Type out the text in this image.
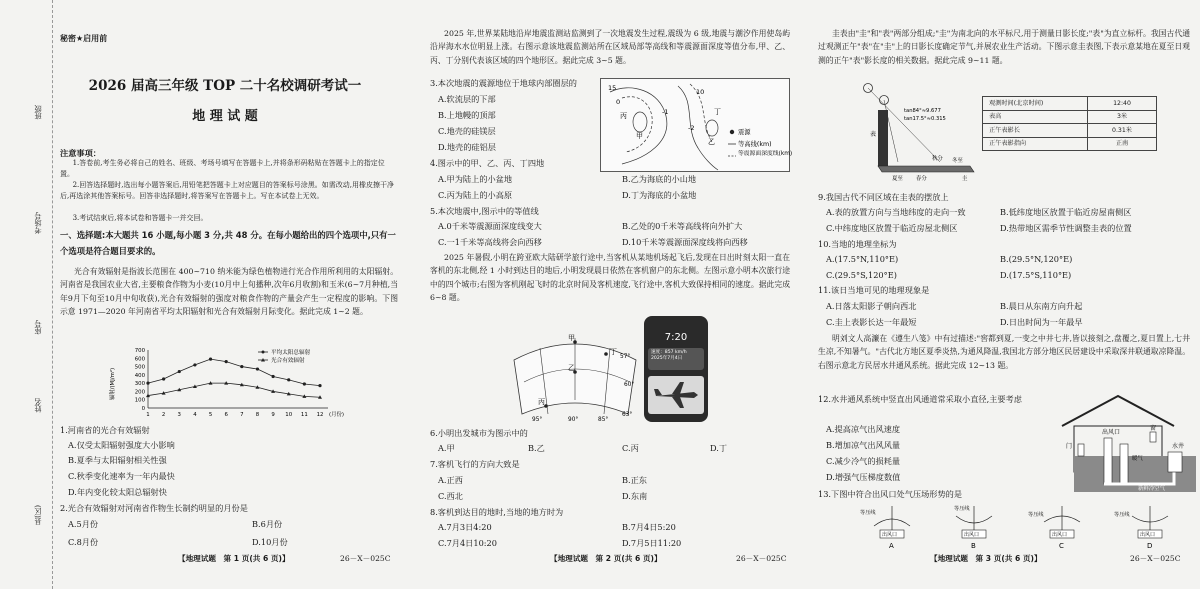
班级
考场号
座号
姓名
县(区)
秘密★启用前
2026 届高三年级 TOP 二十名校调研考试一
地 理 试 题
注意事项：
1.答卷前,考生务必将自己的姓名、班级、考场号填写在答题卡上,并将条形码粘贴在答题卡上的指定位置。
2.回答选择题时,选出每小题答案后,用铅笔把答题卡上对应题目的答案标号涂黑。如需改动,用橡皮擦干净后,再选涂其他答案标号。回答非选择题时,将答案写在答题卡上。写在本试卷上无效。
3.考试结束后,将本试卷和答题卡一并交回。
一、选择题:本大题共 16 小题,每小题 3 分,共 48 分。在每小题给出的四个选项中,只有一个选项是符合题目要求的。
光合有效辐射是指波长范围在 400~710 纳米能为绿色植物进行光合作用所利用的太阳辐射。河南省是我国农业大省,主要粮食作物为小麦(10月中上旬播种,次年6月收割)和玉米(6~7月种植,当年9月下旬至10月中旬收获),光合有效辐射的强度对粮食作物的产量会产生一定程度的影响。下图示意 1971—2020 年河南省平均太阳辐射和光合有效辐射月际变化。据此完成 1~2 题。
0
100
200
300
400
500
600
700
1 2 3 4 5 6 7 8 9 10 11 12 (月份)
辐射/(MJ/m²)
平均太阳总辐射
光合有效辐射
1.河南省的光合有效辐射
A.仅受太阳辐射强度大小影响
B.夏季与太阳辐射相关性强
C.秋季变化速率为一年内最快
D.年内变化较太阳总辐射快
2.光合有效辐射对河南省作物生长制约明显的月份是
A.5月份	B.6月份
C.8月份	D.10月份
【地理试题　第 1 页(共 6 页)】	26－X－025C
2025 年,世界某陆地沿岸地震监测站监测到了一次地震发生过程,震级为 6 级,地震与潮汐作用使岛屿沿岸海水水位明显上涨。右图示意该地震监测站所在区域局部等高线和等震源面深度等值分布,甲、乙、丙、丁分别代表该区域的四个地形区。据此完成 3~5 题。
3.本次地震的震源地位于地球内部圈层的
A.软流层的下部
B.上地幔的顶部
C.地壳的硅镁层
D.地壳的硅铝层
15
0
-1
-2
10
甲
乙
丙	丁
震源
等高线(km)
等震源面深度线(km)
4.图示中的甲、乙、丙、丁四地
A.甲为陆上的小盆地	B.乙为海底的小山地
C.丙为陆上的小高原	D.丁为海底的小盆地
5.本次地震中,图示中的等值线
A.0千米等震源面深度线变大	B.乙处的0千米等高线将向外扩大
C.一1千米等高线将会向西移	D.10千米等震源面深度线将向西移
2025 年暑假,小明在跨亚欧大陆研学旅行途中,当客机从某地机场起飞后,发现在日出时刻太阳一直在客机的东北侧,经 1 小时到达目的地后,小明发现晨日依然在客机窗户的东北侧。左图示意小明本次旅行途中的四个城市;右图为客机刚起飞时的北京时间及客机速度,飞行途中,客机大致保持相同的速度。据此完成 6~8 题。
甲
乙
丙
丁
57°
60°
63°
95°	90°	85°
7:20
速度：857 km/h
2025年7月4日
6.小明出发城市为图示中的
A.甲	B.乙	C.丙	D.丁
7.客机飞行的方向大致是
A.正西	B.正东
C.西北	D.东南
8.客机到达目的地时,当地的地方时为
A.7月3日4:20	B.7月4日5:20
C.7月4日10:20	D.7月5日11:20
【地理试题　第 2 页(共 6 页)】	26－X－025C
圭表由"圭"和"表"两部分组成;"圭"为南北向的水平标尺,用于测量日影长度;"表"为直立标杆。我国古代通过观测正午"表"在"圭"上的日影长度确定节气,并展农业生产活动。下图示意圭表图,下表示意某地在夏至日观测的正午"表"影长度的相关数据。据此完成 9~11 题。
tan84°≈9.677
tan17.5°≈0.315
表
冬至
夏至 春分
秋分
圭
观测时间(北京时间)	12:40
表高	3米
正午表影长	0.31米
正午表影指向	正南
9.我国古代不同区域在圭表的摆放上
A.表的放置方向与当地纬度的走向一致	B.低纬度地区放置于临近房屋南侧区
C.中纬度地区放置于临近房屋北侧区	D.热带地区需季节性调整圭表的位置
10.当地的地理坐标为
A.(17.5°N,110°E)	B.(29.5°N,120°E)
C.(29.5°S,120°E)	D.(17.5°S,110°E)
11.该日当地可见的地理现象是
A.日落太阳影子朝向西北	B.晨日从东南方向升起
C.圭上表影长达一年最短	D.日出时间为一年最早
明刘文人高濂在《遵生八笺》中有过描述:"窖都到夏,一变之中井七井,皆以接刻之,盘覆之,夏日置上,七井生凉,不知暑气。"古代北方地区夏季炎热,为通风降温,我国北方部分地区民居建设中采取深井联通取凉降温。右图示意北方民居水井通风系统。据此完成 12~13 题。
12.水井通风系统中竖直出风通道常采取小直径,主要考虑
A.提高凉气出风速度
B.增加凉气出风风量
C.减少冷气的损耗量
D.增强气压梯度数值
窗
出风口
门	水井
暖气
新鲜冷空气
13.下图中符合出风口处气压场形势的是
等压线
出风口
A
等压线
出风口
B
等压线
出风口
C
等压线
出风口
D
【地理试题　第 3 页(共 6 页)】	26－X－025C
